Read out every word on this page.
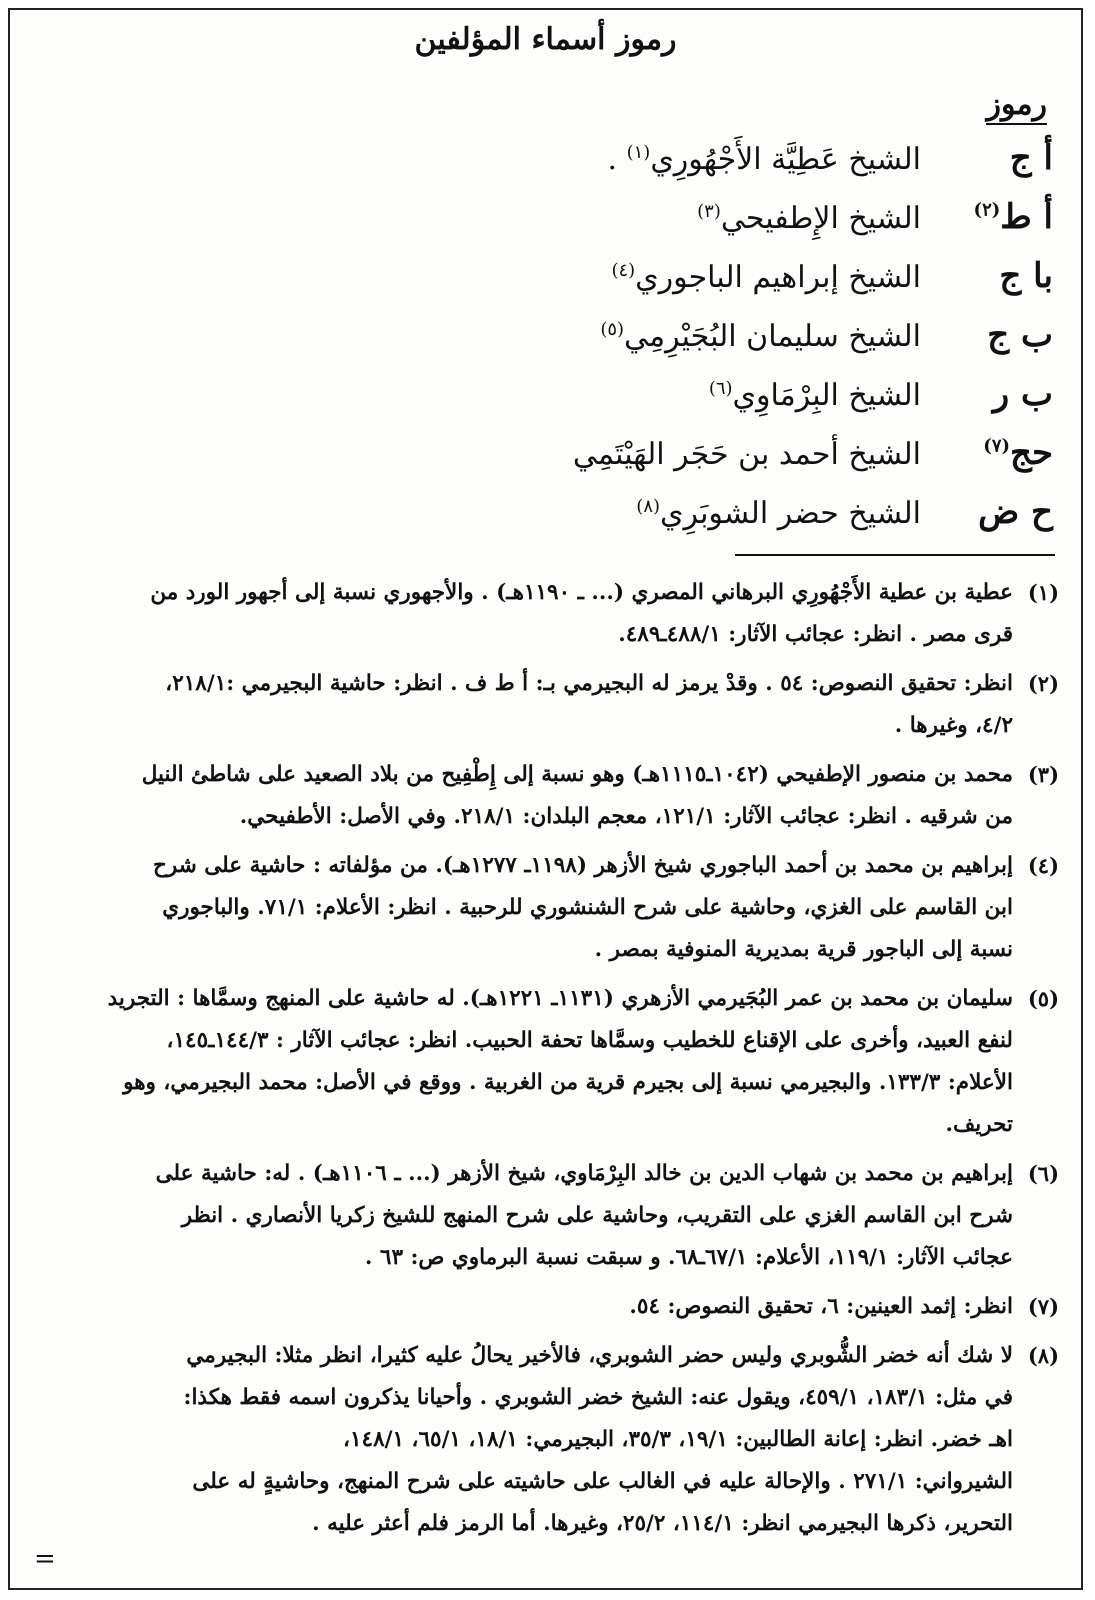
رموز أسماء المؤلفين
رموز
أ ج
الشيخ عَطِيَّة الأَجْهُورِي$^{(١)}$ .
أ ط$^{(٢)}$
الشيخ الإِطفيحي$^{(٣)}$
با ج
الشيخ إبراهيم الباجوري$^{(٤)}$
ب ج
الشيخ سليمان البُجَيْرِمِي$^{(٥)}$
ب ر
الشيخ البِرْمَاوِي$^{(٦)}$
حج$^{(٧)}$
الشيخ أحمد بن حَجَر الهَيْتَمِي
ح ض
الشيخ حضر الشوبَرِي$^{(٨)}$
(١)
عطية بن عطية الأَجْهُورِي البرهاني المصري (... ـ ١١٩٠هـ) . والأجهوري نسبة إلى أجهور الورد من
قرى مصر . انظر: عجائب الآثار: ٤٨٨/١ـ٤٨٩.
(٢)
انظر: تحقيق النصوص: ٥٤ . وقدْ يرمز له البجيرمي بـ: أ ط ف . انظر: حاشية البجيرمي :٢١٨/١،
٤/٢، وغيرها .
(٣)
محمد بن منصور الإطفيحي (١٠٤٢ـ١١١٥هـ) وهو نسبة إلى إِطْفِيح من بلاد الصعيد على شاطئ النيل
من شرقيه . انظر: عجائب الآثار: ١٢١/١، معجم البلدان: ٢١٨/١. وفي الأصل: الأطفيحي.
(٤)
إبراهيم بن محمد بن أحمد الباجوري شيخ الأزهر (١١٩٨ـ ١٢٧٧هـ). من مؤلفاته : حاشية على شرح
ابن القاسم على الغزي، وحاشية على شرح الشنشوري للرحبية . انظر: الأعلام: ٧١/١. والباجوري
نسبة إلى الباجور قرية بمديرية المنوفية بمصر .
(٥)
سليمان بن محمد بن عمر البُجَيرمي الأزهري (١١٣١ـ ١٢٢١هـ). له حاشية على المنهج وسمَّاها : التجريد
لنفع العبيد، وأخرى على الإقناع للخطيب وسمَّاها تحفة الحبيب. انظر: عجائب الآثار : ١٤٤/٣ـ١٤٥،
الأعلام: ١٣٣/٣. والبجيرمي نسبة إلى بجيرم قرية من الغربية . ووقع في الأصل: محمد البجيرمي، وهو
تحريف.
(٦)
إبراهيم بن محمد بن شهاب الدين بن خالد البِرْمَاوي، شيخ الأزهر (... ـ ١١٠٦هـ) . له: حاشية على
شرح ابن القاسم الغزي على التقريب، وحاشية على شرح المنهج للشيخ زكريا الأنصاري . انظر
عجائب الآثار: ١١٩/١، الأعلام: ٦٧/١ـ٦٨. و سبقت نسبة البرماوي ص: ٦٣ .
(٧)
انظر: إثمد العينين: ٦، تحقيق النصوص: ٥٤.
(٨)
لا شك أنه خضر الشُّوبري وليس حضر الشوبري، فالأخير يحالُ عليه كثيرا، انظر مثلا: البجيرمي
في مثل: ١٨٣/١، ٤٥٩/١، ويقول عنه: الشيخ خضر الشوبري . وأحيانا يذكرون اسمه فقط هكذا:
اهـ خضر. انظر: إعانة الطالبين: ١٩/١، ٣٥/٣، البجيرمي: ١٨/١، ٦٥/١، ١٤٨/١،
الشيرواني: ٢٧١/١ . والإحالة عليه في الغالب على حاشيته على شرح المنهج، وحاشيةٍ له على
التحرير، ذكرها البجيرمي انظر: ١١٤/١، ٢٥/٢، وغيرها. أما الرمز فلم أعثر عليه .
=
